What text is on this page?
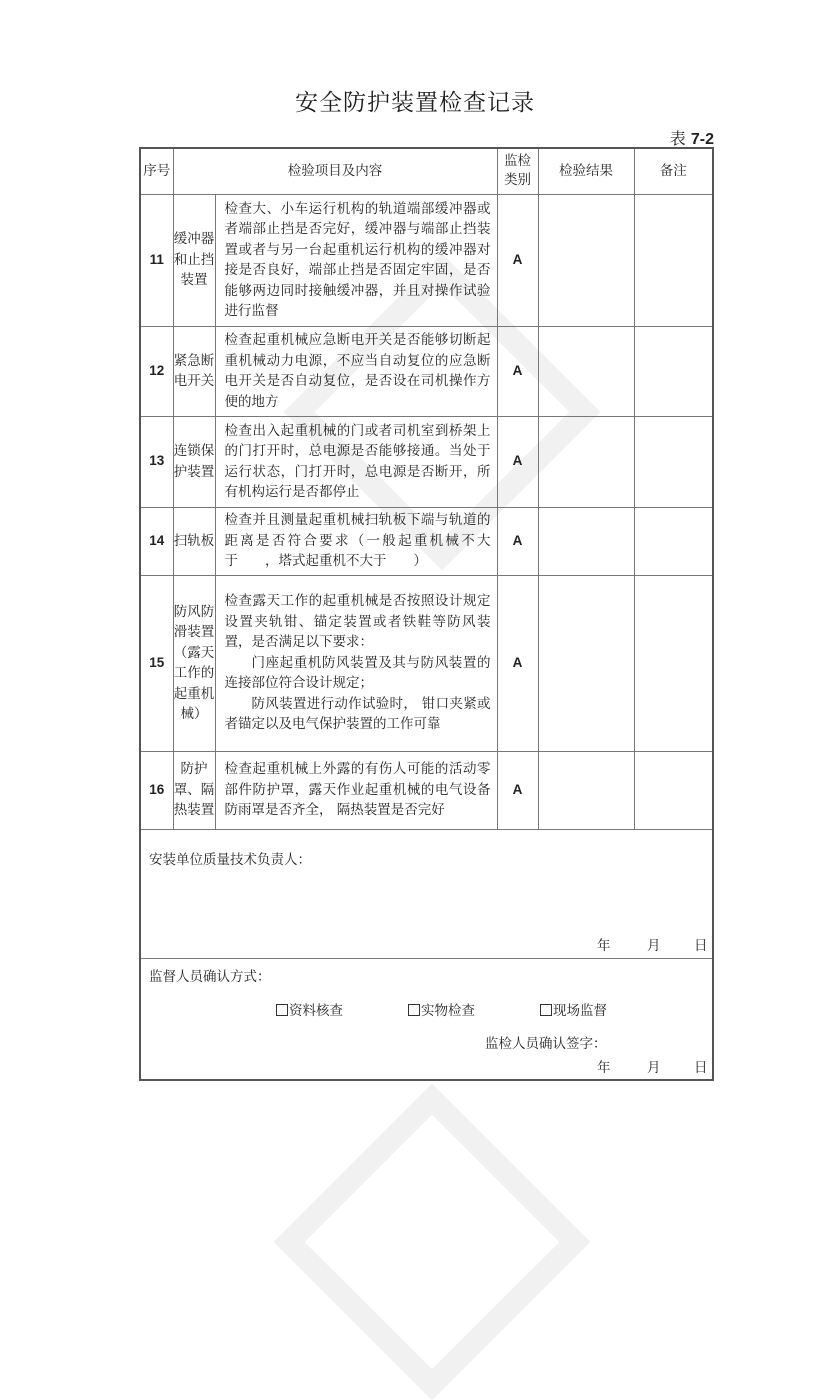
安全防护装置检查记录
表 7-2
序号	检验项目及内容		监检类别	检验结果	备注
11	缓冲器和止挡装置	检查大、小车运行机构的轨道端部缓冲器或者端部止挡是否完好，缓冲器与端部止挡装置或者与另一台起重机运行机构的缓冲器对接是否良好，端部止挡是否固定牢固，是否能够两边同时接触缓冲器，并且对操作试验进行监督	A		
12	紧急断电开关	检查起重机械应急断电开关是否能够切断起重机械动力电源，不应当自动复位的应急断电开关是否自动复位，是否设在司机操作方便的地方	A		
13	连锁保护装置	检查出入起重机械的门或者司机室到桥架上的门打开时，总电源是否能够接通。当处于运行状态，门打开时，总电源是否断开，所有机构运行是否都停止	A		
14	扫轨板	检查并且测量起重机械扫轨板下端与轨道的距离是否符合要求（一般起重机械不大于　　，塔式起重机不大于　　）	A		
15	防风防滑装置（露天工作的起重机械）	检查露天工作的起重机械是否按照设计规定设置夹轨钳、锚定装置或者铁鞋等防风装置，是否满足以下要求：
门座起重机防风装置及其与防风装置的连接部位符合设计规定；
防风装置进行动作试验时， 钳口夹紧或者锚定以及电气保护装置的工作可靠	A		
16	防护罩、隔热装置	检查起重机械上外露的有伤人可能的活动零部件防护罩，露天作业起重机械的电气设备防雨罩是否齐全， 隔热装置是否完好	A		

安装单位质量技术负责人：
年 月 日					

监督人员确认方式：
资料核查	实物检查	现场监督
监检人员确认签字：
年	月 日
